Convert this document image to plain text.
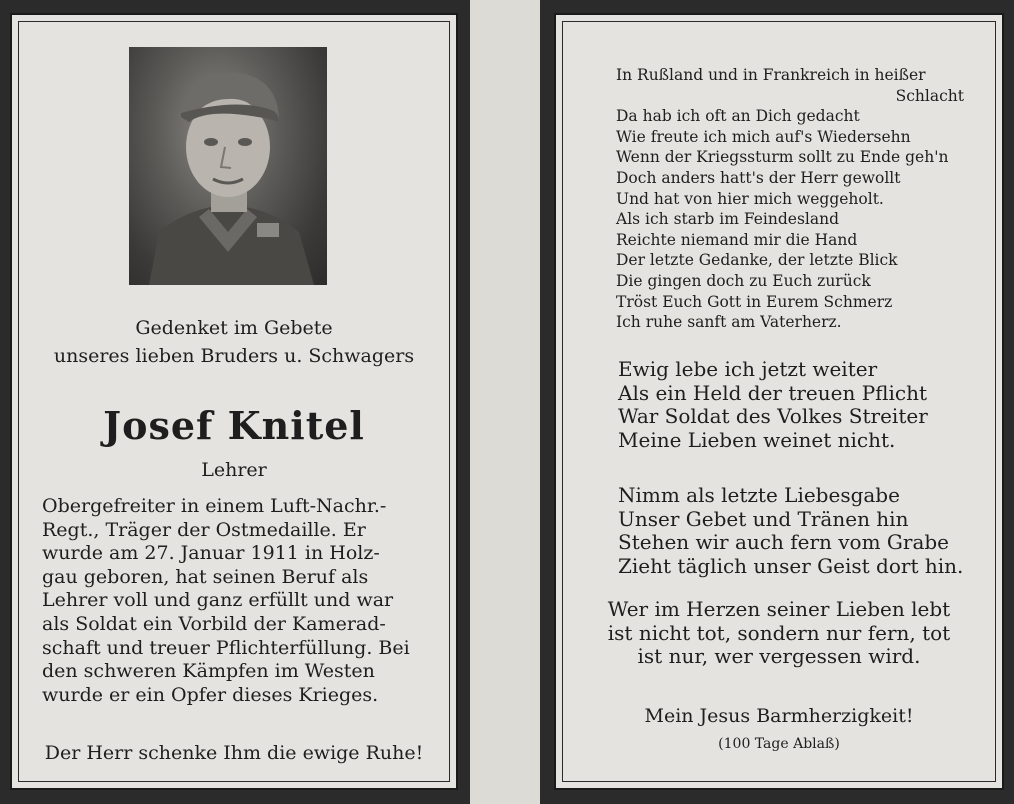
Gedenket im Gebete
unseres lieben Bruders u. Schwagers
Josef Knitel
Lehrer
Obergefreiter in einem Luft-Nachr.-
Regt., Träger der Ostmedaille. Er
wurde am 27. Januar 1911 in Holz-
gau geboren, hat seinen Beruf als
Lehrer voll und ganz erfüllt und war
als Soldat ein Vorbild der Kamerad-
schaft und treuer Pflichterfüllung. Bei
den schweren Kämpfen im Westen
wurde er ein Opfer dieses Krieges.
Der Herr schenke Ihm die ewige Ruhe!
In Rußland und in Frankreich in heißer
Schlacht
Da hab ich oft an Dich gedacht
Wie freute ich mich auf's Wiedersehn
Wenn der Kriegssturm sollt zu Ende geh'n
Doch anders hatt's der Herr gewollt
Und hat von hier mich weggeholt.
Als ich starb im Feindesland
Reichte niemand mir die Hand
Der letzte Gedanke, der letzte Blick
Die gingen doch zu Euch zurück
Tröst Euch Gott in Eurem Schmerz
Ich ruhe sanft am Vaterherz.
Ewig lebe ich jetzt weiter
Als ein Held der treuen Pflicht
War Soldat des Volkes Streiter
Meine Lieben weinet nicht.
Nimm als letzte Liebesgabe
Unser Gebet und Tränen hin
Stehen wir auch fern vom Grabe
Zieht täglich unser Geist dort hin.
Wer im Herzen seiner Lieben lebt
ist nicht tot, sondern nur fern, tot
ist nur, wer vergessen wird.
Mein Jesus Barmherzigkeit!
(100 Tage Ablaß)
